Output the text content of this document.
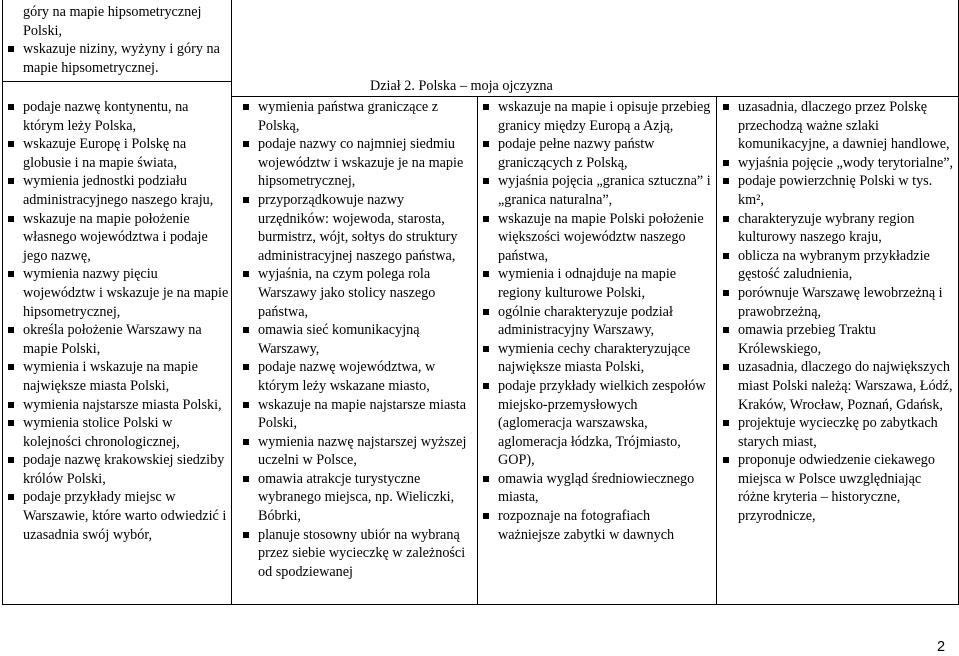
Dział 2. Polska – moja ojczyzna
góry na mapie hipsometrycznej Polski,
wskazuje niziny, wyżyny i góry na mapie hipsometrycznej.
podaje nazwę kontynentu, na którym leży Polska,
wskazuje Europę i Polskę na globusie i na mapie świata,
wymienia jednostki podziału administracyjnego naszego kraju,
wskazuje na mapie położenie własnego województwa i podaje jego nazwę,
wymienia nazwy pięciu województw i wskazuje je na mapie hipsometrycznej,
określa położenie Warszawy na mapie Polski,
wymienia i wskazuje na mapie największe miasta Polski,
wymienia najstarsze miasta Polski,
wymienia stolice Polski w kolejności chronologicznej,
podaje nazwę krakowskiej siedziby królów Polski,
podaje przykłady miejsc w Warszawie, które warto odwiedzić i uzasadnia swój wybór,
wymienia państwa graniczące z Polską,
podaje nazwy co najmniej siedmiu województw i wskazuje je na mapie hipsometrycznej,
przyporządkowuje nazwy urzędników: wojewoda, starosta, burmistrz, wójt, sołtys do struktury administracyjnej naszego państwa,
wyjaśnia, na czym polega rola Warszawy jako stolicy naszego państwa,
omawia sieć komunikacyjną Warszawy,
podaje nazwę województwa, w którym leży wskazane miasto,
wskazuje na mapie najstarsze miasta Polski,
wymienia nazwę najstarszej wyższej uczelni w Polsce,
omawia atrakcje turystyczne wybranego miejsca, np. Wieliczki, Bóbrki,
planuje stosowny ubiór na wybraną przez siebie wycieczkę w zależności od spodziewanej
wskazuje na mapie i opisuje przebieg granicy między Europą a Azją,
podaje pełne nazwy państw graniczących z Polską,
wyjaśnia pojęcia „granica sztuczna” i „granica naturalna”,
wskazuje na mapie Polski położenie większości województw naszego państwa,
wymienia i odnajduje na mapie regiony kulturowe Polski,
ogólnie charakteryzuje podział administracyjny Warszawy,
wymienia cechy charakteryzujące największe miasta Polski,
podaje przykłady wielkich zespołów miejsko-przemysłowych (aglomeracja warszawska, aglomeracja łódzka, Trójmiasto, GOP),
omawia wygląd średniowiecznego miasta,
rozpoznaje na fotografiach ważniejsze zabytki w dawnych
uzasadnia, dlaczego przez Polskę przechodzą ważne szlaki komunikacyjne, a dawniej handlowe,
wyjaśnia pojęcie „wody terytorialne”,
podaje powierzchnię Polski w tys. km²,
charakteryzuje wybrany region kulturowy naszego kraju,
oblicza na wybranym przykładzie gęstość zaludnienia,
porównuje Warszawę lewobrzeżną i prawobrzeżną,
omawia przebieg Traktu Królewskiego,
uzasadnia, dlaczego do największych miast Polski należą: Warszawa, Łódź, Kraków, Wrocław, Poznań, Gdańsk,
projektuje wycieczkę po zabytkach starych miast,
proponuje odwiedzenie ciekawego miejsca w Polsce uwzględniając różne kryteria – historyczne, przyrodnicze,
2
